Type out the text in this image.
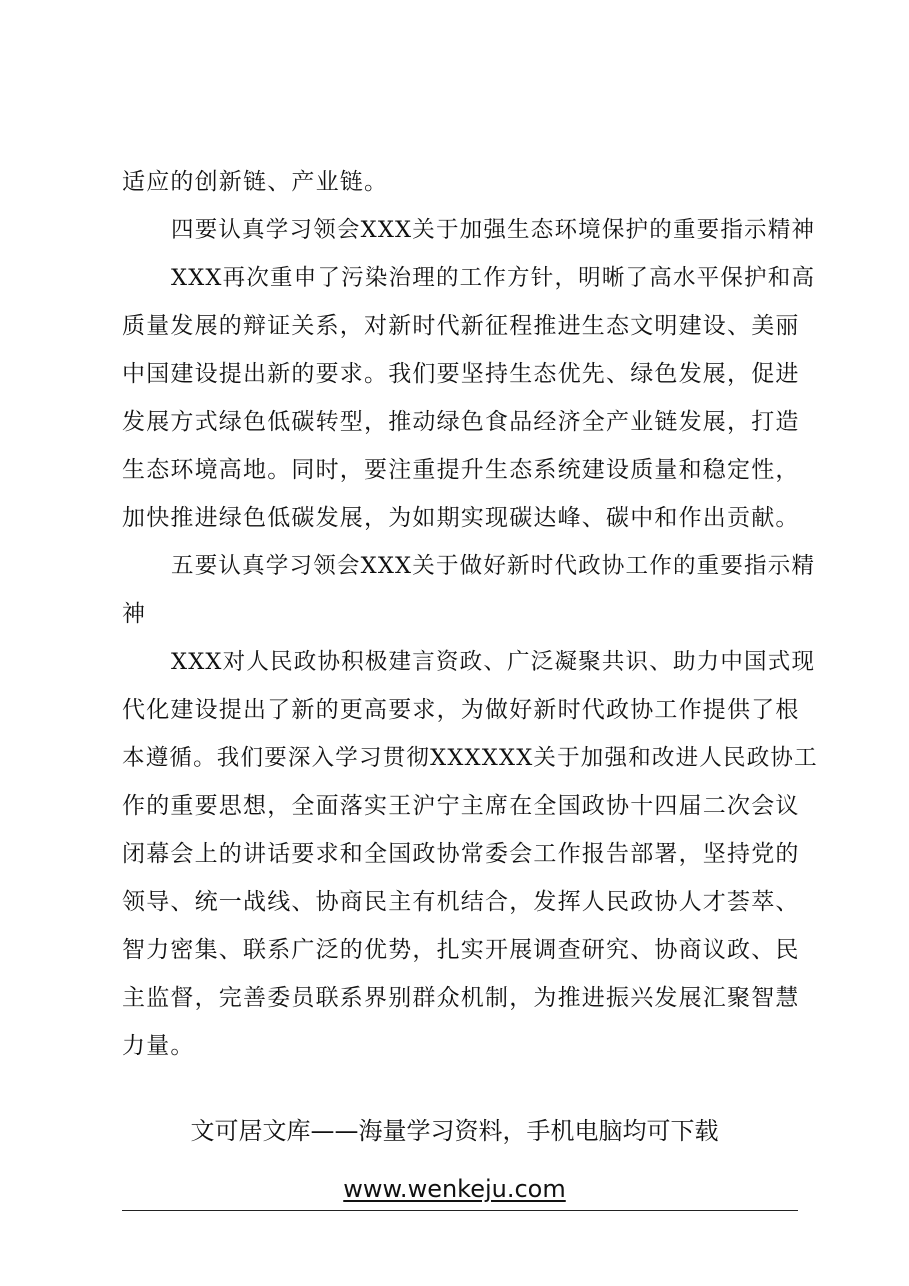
适应的创新链、产业链。
四要认真学习领会XXX关于加强生态环境保护的重要指示精神
XXX再次重申了污染治理的工作方针，明晰了高水平保护和高
质量发展的辩证关系，对新时代新征程推进生态文明建设、美丽
中国建设提出新的要求。我们要坚持生态优先、绿色发展，促进
发展方式绿色低碳转型，推动绿色食品经济全产业链发展，打造
生态环境高地。同时，要注重提升生态系统建设质量和稳定性，
加快推进绿色低碳发展，为如期实现碳达峰、碳中和作出贡献。
五要认真学习领会XXX关于做好新时代政协工作的重要指示精
神
XXX对人民政协积极建言资政、广泛凝聚共识、助力中国式现
代化建设提出了新的更高要求，为做好新时代政协工作提供了根
本遵循。我们要深入学习贯彻XXXXXX关于加强和改进人民政协工
作的重要思想，全面落实王沪宁主席在全国政协十四届二次会议
闭幕会上的讲话要求和全国政协常委会工作报告部署，坚持党的
领导、统一战线、协商民主有机结合，发挥人民政协人才荟萃、
智力密集、联系广泛的优势，扎实开展调查研究、协商议政、民
主监督，完善委员联系界别群众机制，为推进振兴发展汇聚智慧
力量。
文可居文库——海量学习资料，手机电脑均可下载
www.wenkeju.com
